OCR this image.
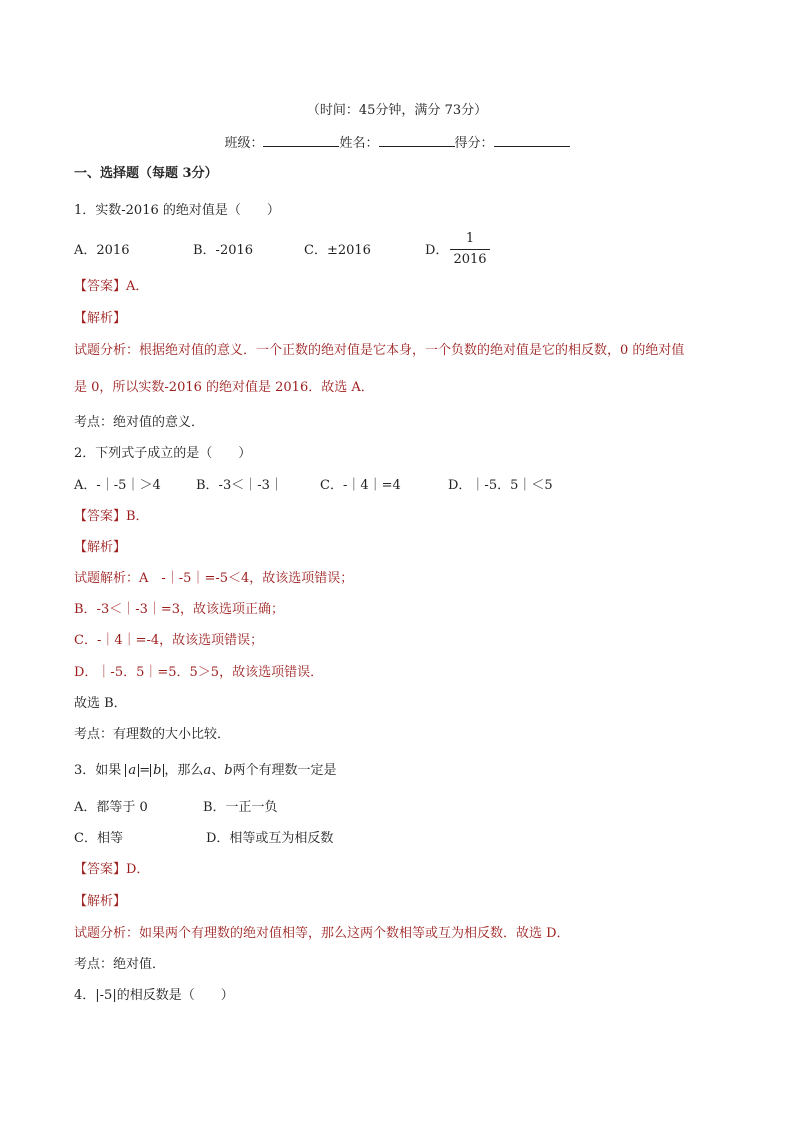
（时间：45分钟，满分 73分）
班级：	姓名：	得分：
一、选择题（每题 3分）
1．实数-2016 的绝对值是（　　）
A．2016	B．-2016	C．±2016	D．
1
2016
【答案】A．
【解析】
试题分析：根据绝对值的意义．一个正数的绝对值是它本身，一个负数的绝对值是它的相反数，0 的绝对值
是 0，所以实数-2016 的绝对值是 2016．故选 A．
考点：绝对值的意义．
2．下列式子成立的是（　　）
A．-｜-5｜＞4	B．-3＜｜-3｜	C．-｜4｜=4	D．｜-5．5｜＜5
【答案】B．
【解析】
试题解析：A　-｜-5｜=-5＜4，故该选项错误；
B．-3＜｜-3｜=3，故该选项正确；
C．-｜4｜=-4，故该选项错误；
D．｜-5．5｜=5．5＞5，故该选项错误．
故选 B．
考点：有理数的大小比较．
3．如果 a = b ，那么a、b两个有理数一定是
A．都等于 0	B．一正一负
C．相等	D．相等或互为相反数
【答案】D．
【解析】
试题分析：如果两个有理数的绝对值相等，那么这两个数相等或互为相反数．故选 D．
考点：绝对值．
4．|-5|的相反数是（　　）
